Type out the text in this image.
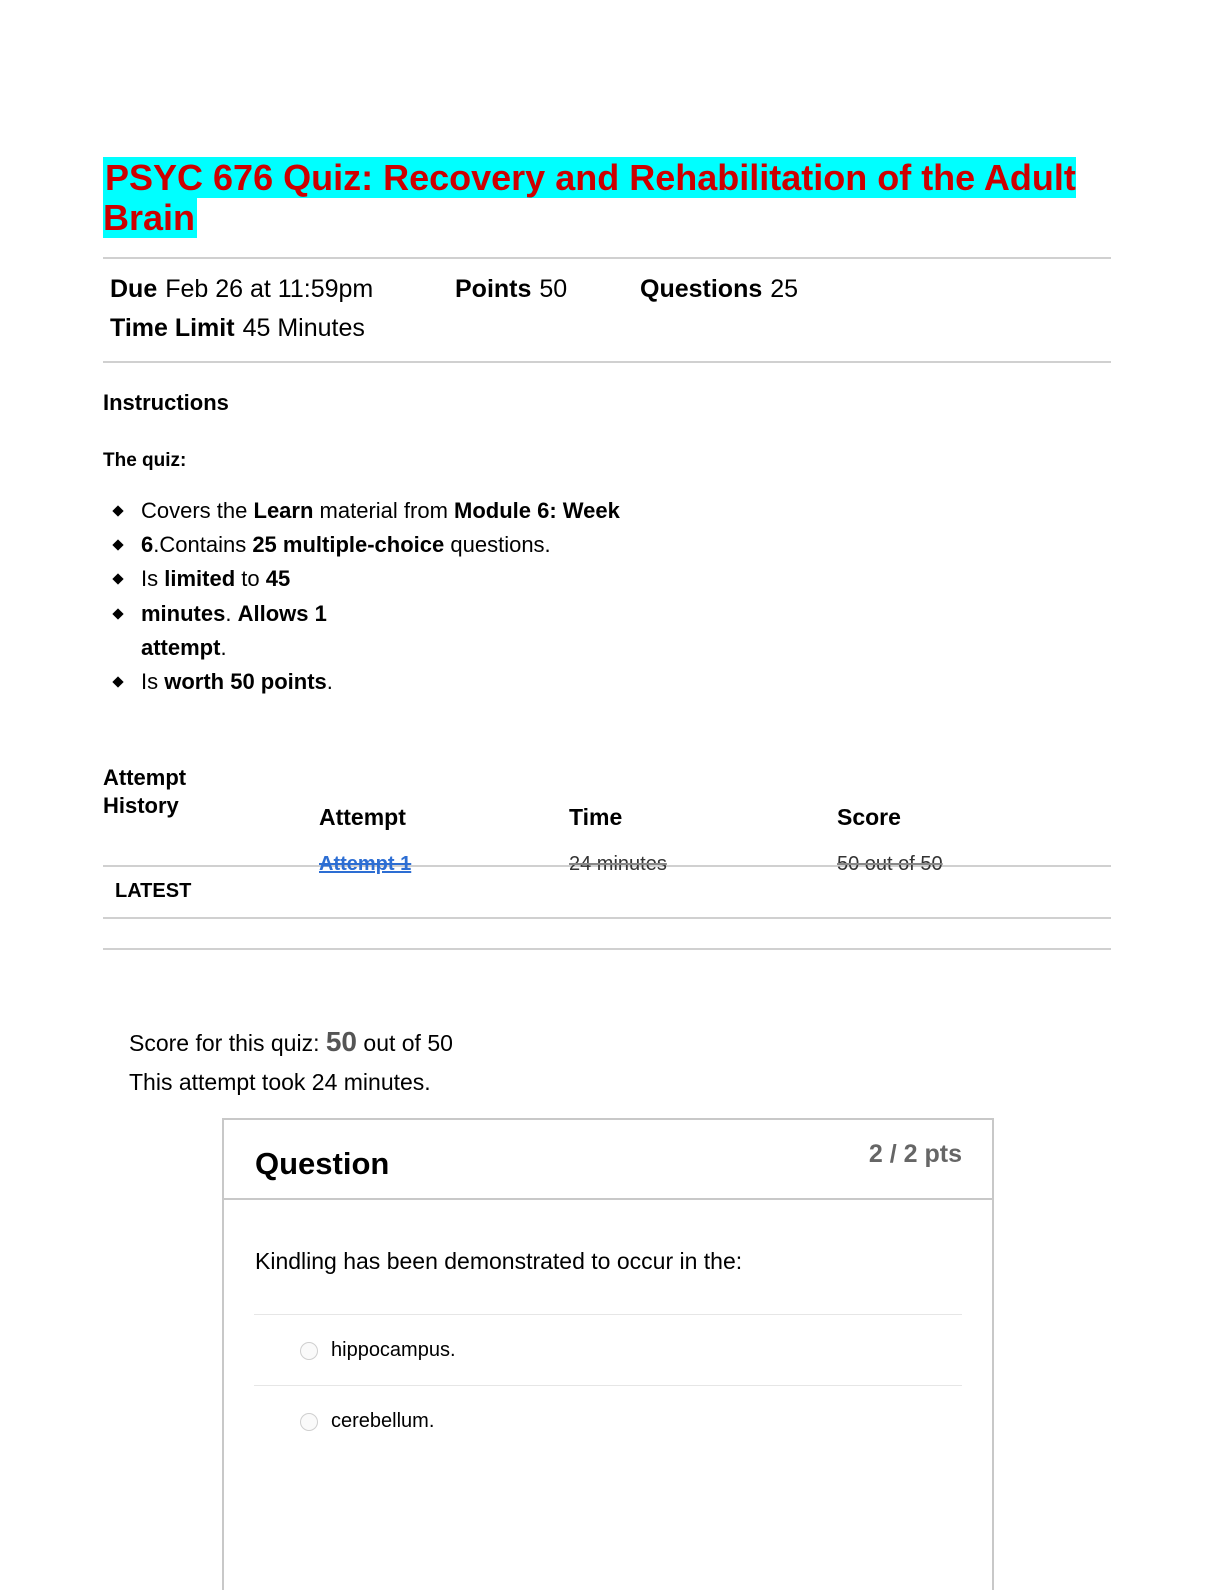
PSYC 676 Quiz: Recovery and Rehabilitation of the Adult Brain
Due Feb 26 at 11:59pm	Points 50	Questions 25
Time Limit 45 Minutes
Instructions
The quiz:
Covers the Learn material from Module 6: Week
6.Contains 25 multiple-choice questions.
Is limited to 45
minutes. Allows 1
attempt.
Is worth 50 points.
Attempt
History	Attempt	Time	Score
Attempt 1	24 minutes	50 out of 50
LATEST
Score for this quiz: 50 out of 50
This attempt took 24 minutes.
Question	2 / 2 pts
Kindling has been demonstrated to occur in the:
hippocampus.
cerebellum.
